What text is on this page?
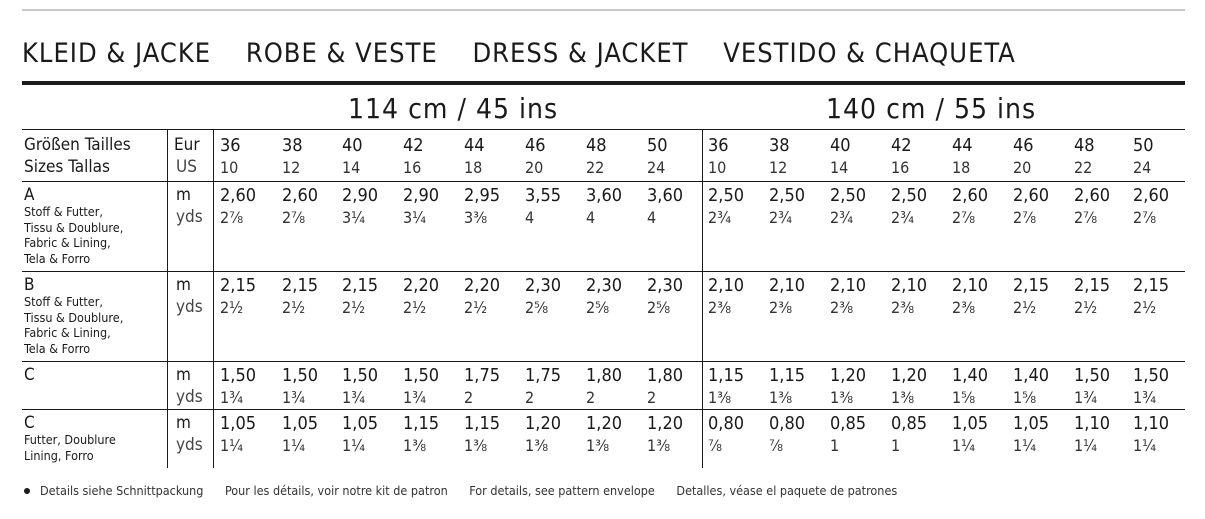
KLEID & JACKE ROBE & VESTE DRESS & JACKET VESTIDO & CHAQUETA
114 cm / 45 ins	140 cm / 55 ins
Größen Tailles
Sizes Tallas
Eur
US
36
10
38
12
40
14
42
16
44
18
46
20
48
22
50
24
36
10
38
12
40
14
42
16
44
18
46
20
48
22
50
24
A
Stoff & Futter,
Tissu & Doublure,
Fabric & Lining,
Tela & Forro
m
yds
2,60
2⅞
2,60
2⅞
2,90
3¼
2,90
3¼
2,95
3⅜
3,55
4
3,60
4
3,60
4
2,50
2¾
2,50
2¾
2,50
2¾
2,50
2¾
2,60
2⅞
2,60
2⅞
2,60
2⅞
2,60
2⅞
B
Stoff & Futter,
Tissu & Doublure,
Fabric & Lining,
Tela & Forro
m
yds
2,15
2½
2,15
2½
2,15
2½
2,20
2½
2,20
2½
2,30
2⅝
2,30
2⅝
2,30
2⅝
2,10
2⅜
2,10
2⅜
2,10
2⅜
2,10
2⅜
2,10
2⅜
2,15
2½
2,15
2½
2,15
2½
C	m
yds
1,50
1¾
1,50
1¾
1,50
1¾
1,50
1¾
1,75
2
1,75
2
1,80
2
1,80
2
1,15
1⅜
1,15
1⅜
1,20
1⅜
1,20
1⅜
1,40
1⅝
1,40
1⅝
1,50
1¾
1,50
1¾
C
Futter, Doublure
Lining, Forro
m
yds
1,05
1¼
1,05
1¼
1,05
1¼
1,15
1⅜
1,15
1⅜
1,20
1⅜
1,20
1⅜
1,20
1⅜
0,80
⅞
0,80
⅞
0,85
1
0,85
1
1,05
1¼
1,05
1¼
1,10
1¼
1,10
1¼
Details siehe Schnittpackung Pour les détails, voir notre kit de patron For details, see pattern envelope Detalles, véase el paquete de patrones
